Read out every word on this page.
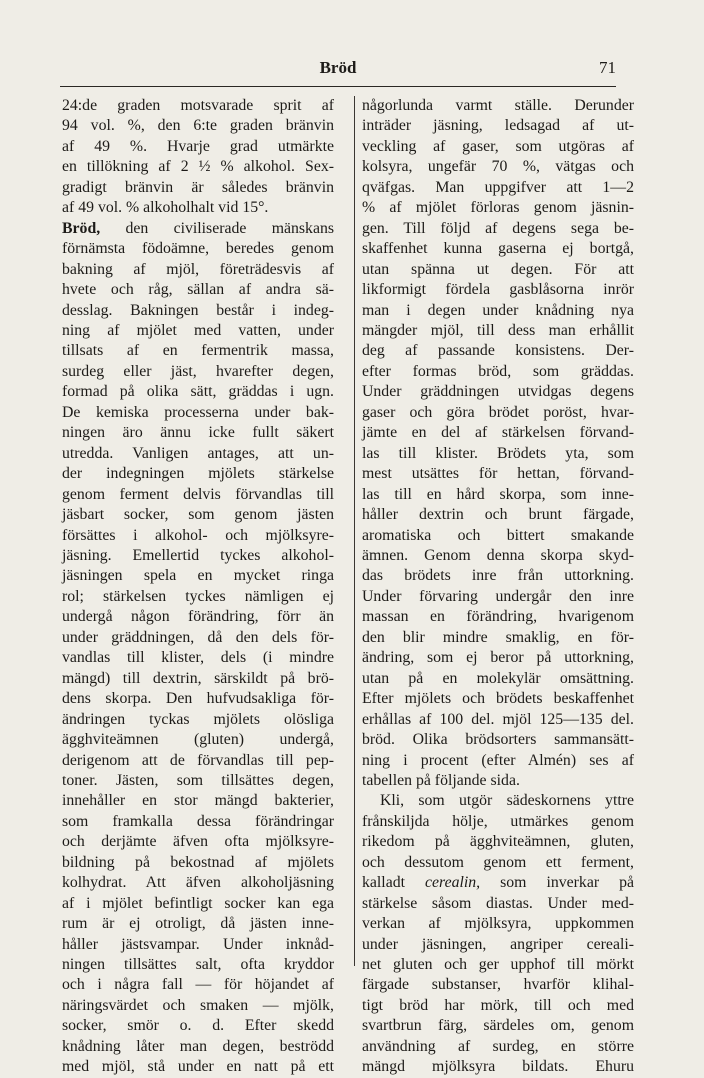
Bröd	71
24:de graden motsvarade sprit af
94 vol. %, den 6:te graden bränvin
af 49 %. Hvarje grad utmärkte
en tillökning af 2 ½ % alkohol. Sex-
gradigt bränvin är således bränvin
af 49 vol. % alkoholhalt vid 15°.
Bröd, den civiliserade mänskans
förnämsta födoämne, beredes genom
bakning af mjöl, företrädesvis af
hvete och råg, sällan af andra sä-
desslag. Bakningen består i indeg-
ning af mjölet med vatten, under
tillsats af en fermentrik massa,
surdeg eller jäst, hvarefter degen,
formad på olika sätt, gräddas i ugn.
De kemiska processerna under bak-
ningen äro ännu icke fullt säkert
utredda. Vanligen antages, att un-
der indegningen mjölets stärkelse
genom ferment delvis förvandlas till
jäsbart socker, som genom jästen
försättes i alkohol- och mjölksyre-
jäsning. Emellertid tyckes alkohol-
jäsningen spela en mycket ringa
rol; stärkelsen tyckes nämligen ej
undergå någon förändring, förr än
under gräddningen, då den dels för-
vandlas till klister, dels (i mindre
mängd) till dextrin, särskildt på brö-
dens skorpa. Den hufvudsakliga för-
ändringen tyckas mjölets olösliga
ägghviteämnen (gluten) undergå,
derigenom att de förvandlas till pep-
toner. Jästen, som tillsättes degen,
innehåller en stor mängd bakterier,
som framkalla dessa förändringar
och derjämte äfven ofta mjölksyre-
bildning på bekostnad af mjölets
kolhydrat. Att äfven alkoholjäsning
af i mjölet befintligt socker kan ega
rum är ej otroligt, då jästen inne-
håller jästsvampar. Under inknåd-
ningen tillsättes salt, ofta kryddor
och i några fall — för höjandet af
näringsvärdet och smaken — mjölk,
socker, smör o. d. Efter skedd
knådning låter man degen, beströdd
med mjöl, stå under en natt på ett
någorlunda varmt ställe. Derunder
inträder jäsning, ledsagad af ut-
veckling af gaser, som utgöras af
kolsyra, ungefär 70 %, vätgas och
qväfgas. Man uppgifver att 1—2
% af mjölet förloras genom jäsnin-
gen. Till följd af degens sega be-
skaffenhet kunna gaserna ej bortgå,
utan spänna ut degen. För att
likformigt fördela gasblåsorna inrör
man i degen under knådning nya
mängder mjöl, till dess man erhållit
deg af passande konsistens. Der-
efter formas bröd, som gräddas.
Under gräddningen utvidgas degens
gaser och göra brödet poröst, hvar-
jämte en del af stärkelsen förvand-
las till klister. Brödets yta, som
mest utsättes för hettan, förvand-
las till en hård skorpa, som inne-
håller dextrin och brunt färgade,
aromatiska och bittert smakande
ämnen. Genom denna skorpa skyd-
das brödets inre från uttorkning.
Under förvaring undergår den inre
massan en förändring, hvarigenom
den blir mindre smaklig, en för-
ändring, som ej beror på uttorkning,
utan på en molekylär omsättning.
Efter mjölets och brödets beskaffenhet
erhållas af 100 del. mjöl 125—135 del.
bröd. Olika brödsorters sammansätt-
ning i procent (efter Almén) ses af
tabellen på följande sida.
Kli, som utgör sädeskornens yttre
frånskiljda hölje, utmärkes genom
rikedom på ägghviteämnen, gluten,
och dessutom genom ett ferment,
kalladt cerealin, som inverkar på
stärkelse såsom diastas. Under med-
verkan af mjölksyra, uppkommen
under jäsningen, angriper cereali-
net gluten och ger upphof till mörkt
färgade substanser, hvarför klihal-
tigt bröd har mörk, till och med
svartbrun färg, särdeles om, genom
användning af surdeg, en större
mängd mjölksyra bildats. Ehuru
